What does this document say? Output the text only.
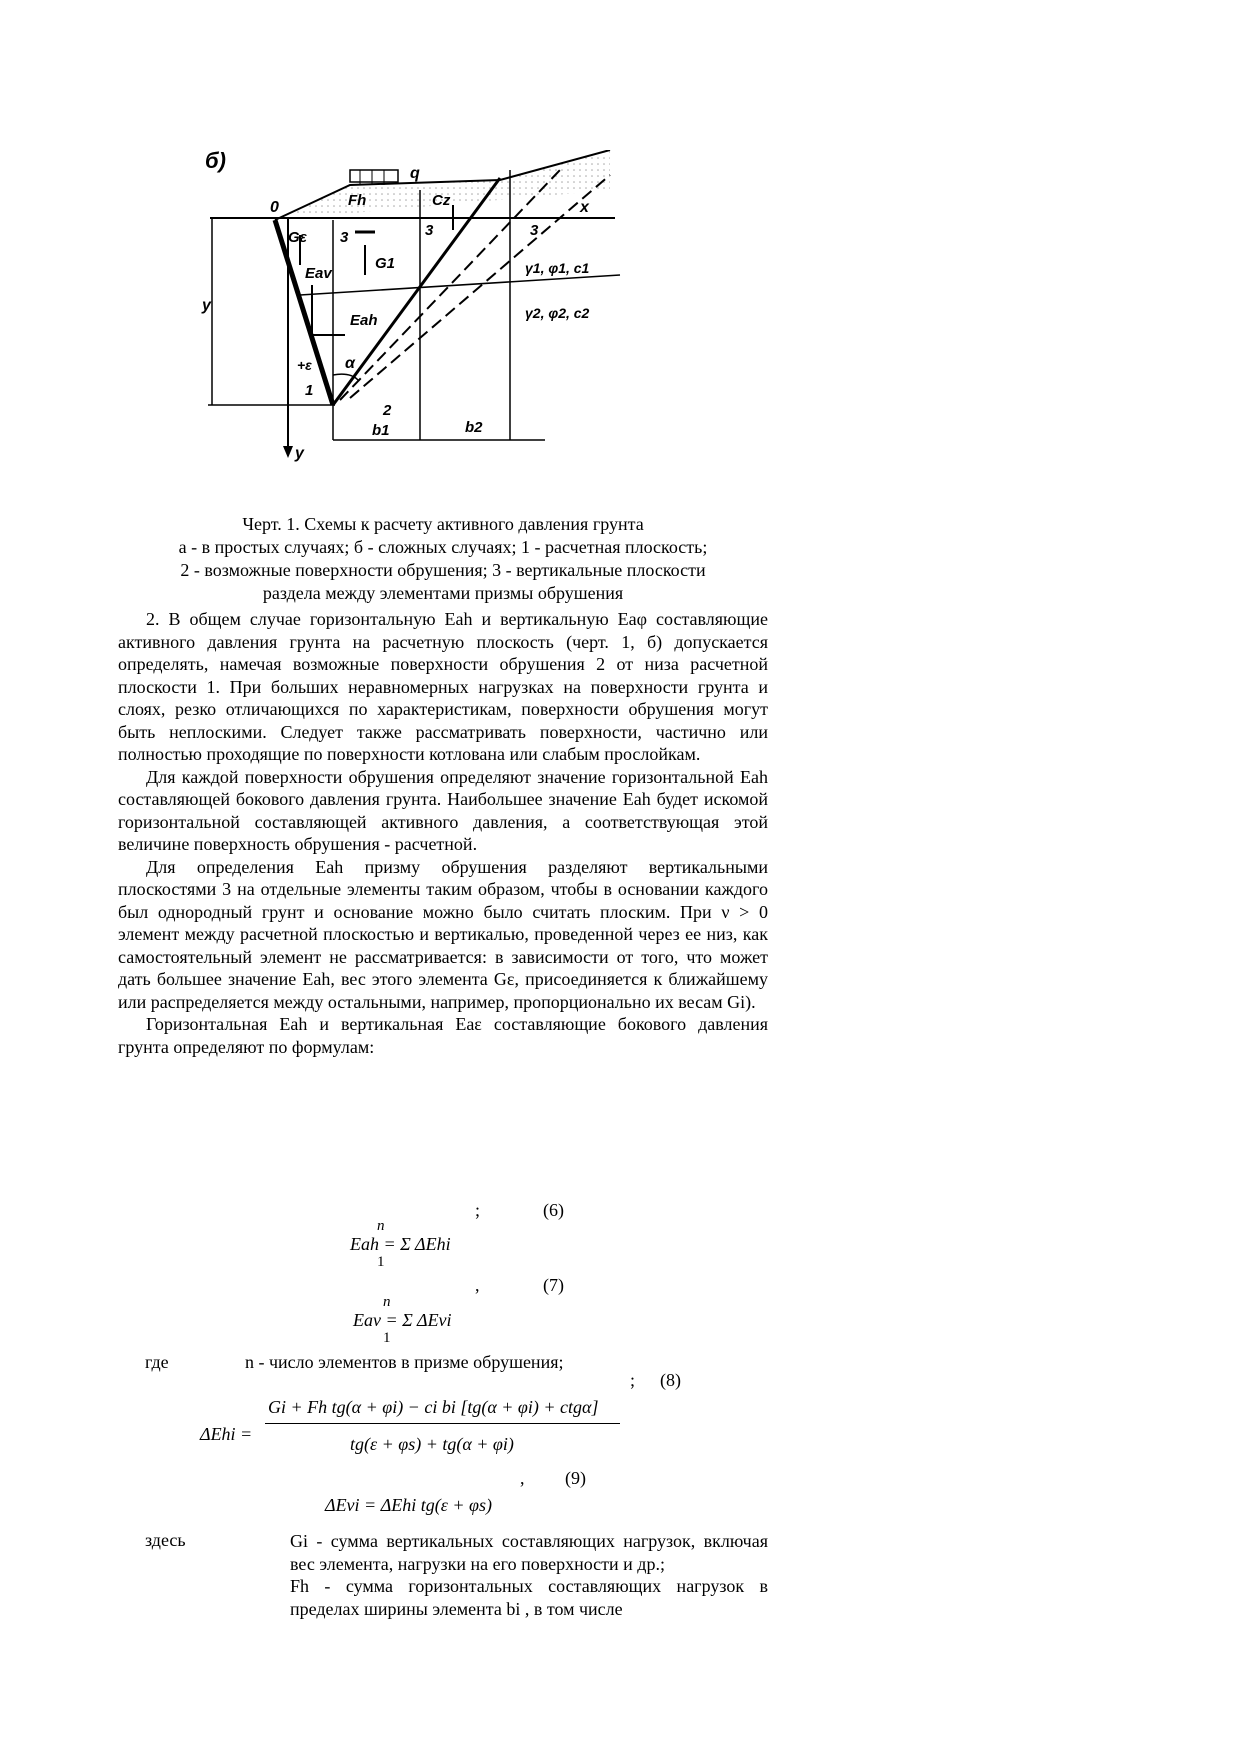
б)
0	x
y
y
q
Fh	Cz
Gε
G1
Eav
Eah
α
+ε
1
2
b1	b2
γ1, φ1, c1
γ2, φ2, c2
3	3	3
Черт. 1. Схемы к расчету активного давления грунта
а - в простых случаях; б - сложных случаях; 1 - расчетная плоскость;
2 - возможные поверхности обрушения; 3 - вертикальные плоскости
раздела между элементами призмы обрушения

2. В общем случае горизонтальную Eah и вертикальную Eaφ составляющие активного давления грунта на расчетную плоскость (черт. 1, б) допускается определять, намечая возможные поверхности обрушения 2 от низа расчетной плоскости 1. При больших неравномерных нагрузках на поверхности грунта и слоях, резко отличающихся по характеристикам, поверхности обрушения могут быть неплоскими. Следует также рассматривать поверхности, частично или полностью проходящие по поверхности котлована или слабым прослойкам.

Для каждой поверхности обрушения определяют значение горизонтальной Eah составляющей бокового давления грунта. Наибольшее значение Eah будет искомой горизонтальной составляющей активного давления, а соответствующая этой величине поверхность обрушения - расчетной.

Для определения Eah призму обрушения разделяют вертикальными плоскостями 3 на отдельные элементы таким образом, чтобы в основании каждого был однородный грунт и основание можно было считать плоским. При ν > 0 элемент между расчетной плоскостью и вертикалью, проведенной через ее низ, как самостоятельный элемент не рассматривается: в зависимости от того, что может дать большее значение Eah, вес этого элемента Gε, присоединяется к ближайшему или распределяется между остальными, например, пропорционально их весам Gi).

Горизонтальная Eah и вертикальная Eaε составляющие бокового давления грунта определяют по формулам:

;	(6)
n
Eah = Σ ΔEhi
1
,	(7)
n
Eaν = Σ ΔEνi
1
где	n - число элементов в призме обрушения;
; (8)
ΔEhi =
Gi + Fh tg(α + φi) − ci bi [tg(α + φi) + ctgα]
tg(ε + φs) + tg(α + φi)
, (9)
ΔEνi = ΔEhi tg(ε + φs)
здесь	Gi - сумма вертикальных составляющих нагрузок, включая вес элемента, нагрузки на его поверхности и др.;

Fh - сумма горизонтальных составляющих нагрузок в пределах ширины элемента bi , в том числе
